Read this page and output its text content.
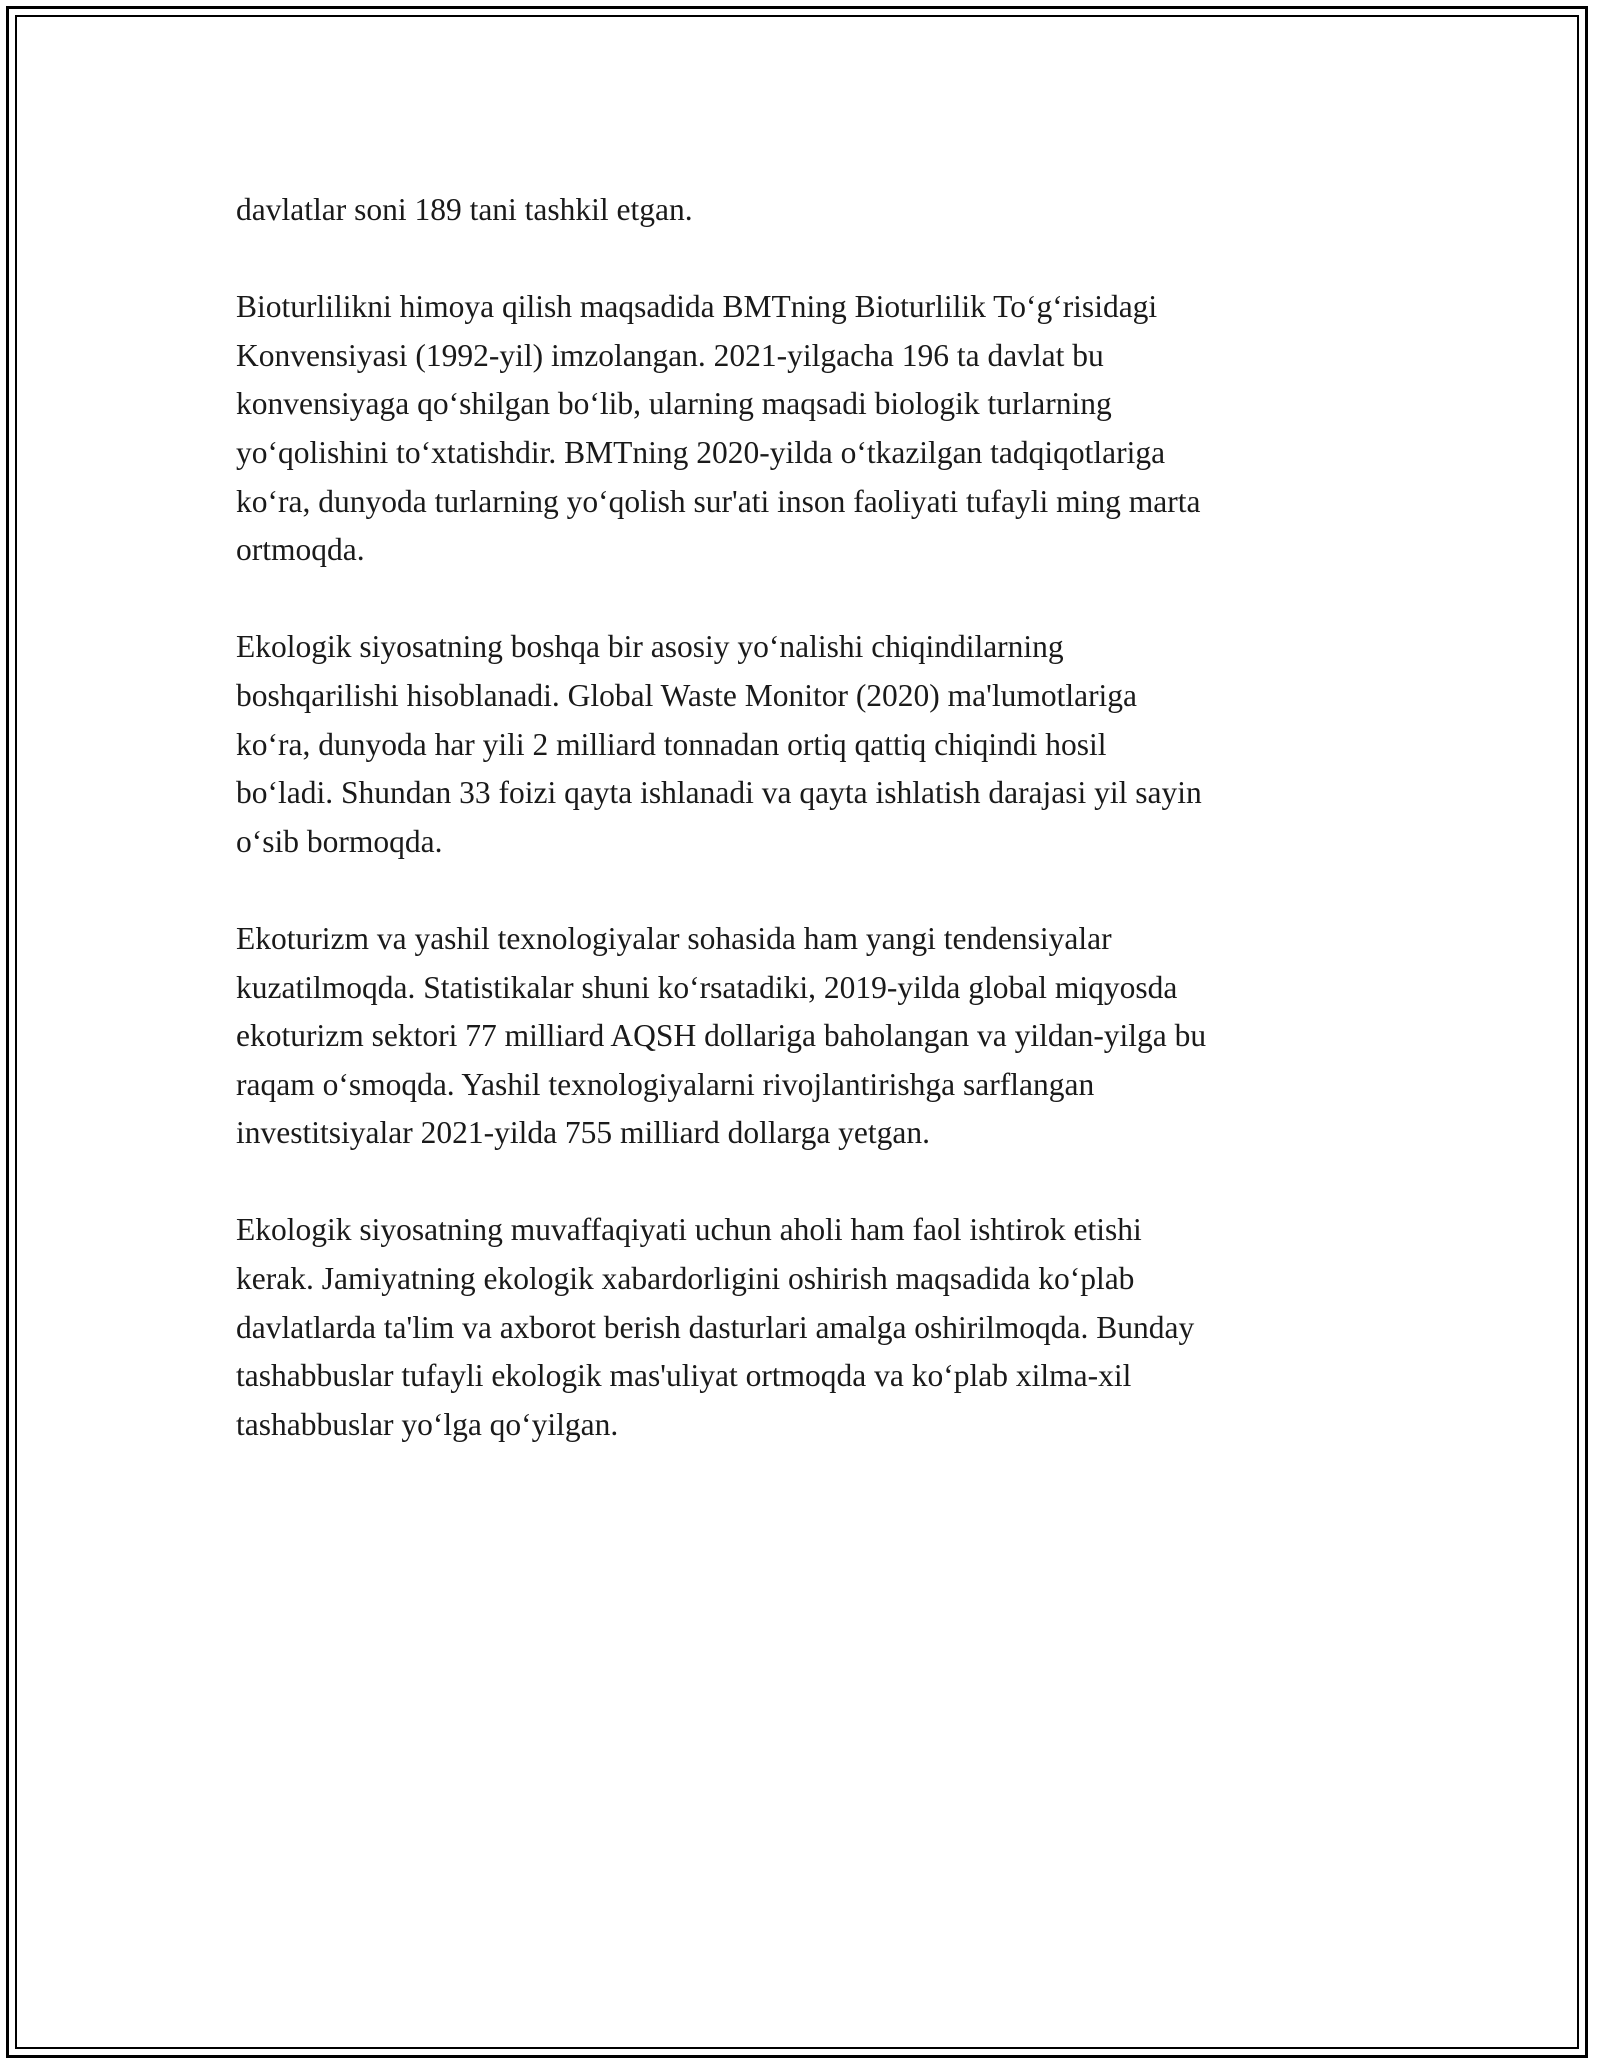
davlatlar soni 189 tani tashkil etgan.

Bioturlilikni himoya qilish maqsadida BMTning Bioturlilik To‘g‘risidagi
Konvensiyasi (1992-yil) imzolangan. 2021-yilgacha 196 ta davlat bu
konvensiyaga qo‘shilgan bo‘lib, ularning maqsadi biologik turlarning
yo‘qolishini to‘xtatishdir. BMTning 2020-yilda o‘tkazilgan tadqiqotlariga
ko‘ra, dunyoda turlarning yo‘qolish sur'ati inson faoliyati tufayli ming marta
ortmoqda.

Ekologik siyosatning boshqa bir asosiy yo‘nalishi chiqindilarning
boshqarilishi hisoblanadi. Global Waste Monitor (2020) ma'lumotlariga
ko‘ra, dunyoda har yili 2 milliard tonnadan ortiq qattiq chiqindi hosil
bo‘ladi. Shundan 33 foizi qayta ishlanadi va qayta ishlatish darajasi yil sayin
o‘sib bormoqda.

Ekoturizm va yashil texnologiyalar sohasida ham yangi tendensiyalar
kuzatilmoqda. Statistikalar shuni ko‘rsatadiki, 2019-yilda global miqyosda
ekoturizm sektori 77 milliard AQSH dollariga baholangan va yildan-yilga bu
raqam o‘smoqda. Yashil texnologiyalarni rivojlantirishga sarflangan
investitsiyalar 2021-yilda 755 milliard dollarga yetgan.

Ekologik siyosatning muvaffaqiyati uchun aholi ham faol ishtirok etishi
kerak. Jamiyatning ekologik xabardorligini oshirish maqsadida ko‘plab
davlatlarda ta'lim va axborot berish dasturlari amalga oshirilmoqda. Bunday
tashabbuslar tufayli ekologik mas'uliyat ortmoqda va ko‘plab xilma-xil
tashabbuslar yo‘lga qo‘yilgan.
